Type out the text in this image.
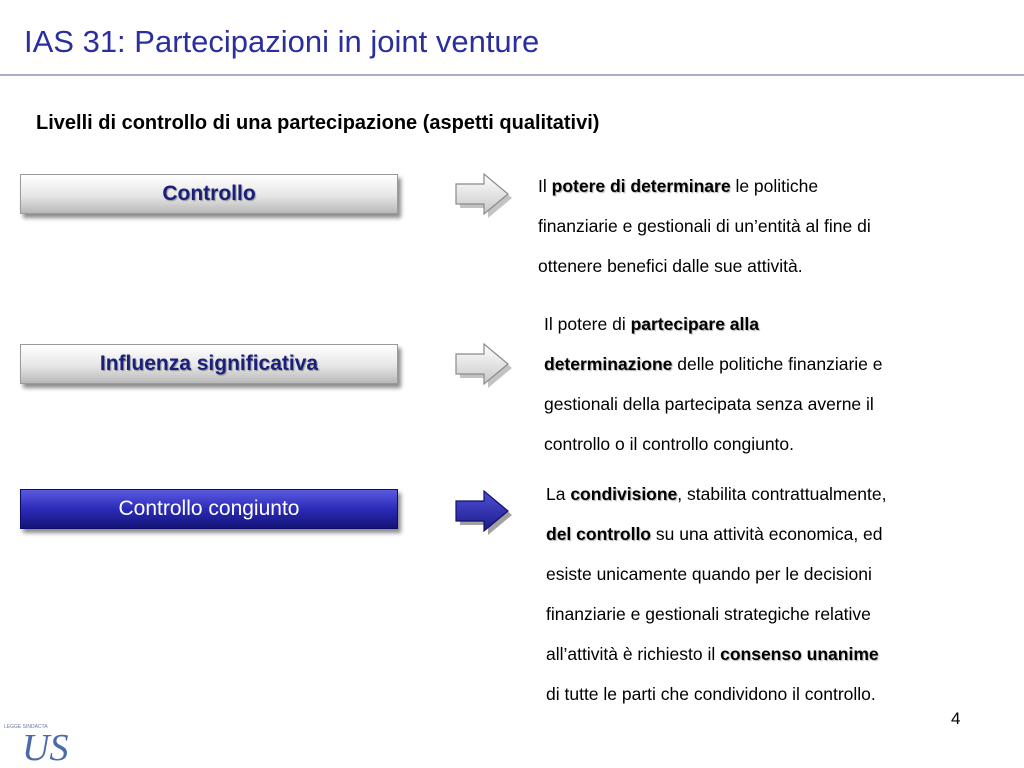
IAS 31: Partecipazioni in joint venture
Livelli di controllo di una partecipazione (aspetti qualitativi)
Controllo	Il potere di determinare le politiche
finanziarie e gestionali di un’entità al fine di
ottenere benefici dalle sue attività.
Influenza significativa
Il potere di partecipare alla
determinazione delle politiche finanziarie e
gestionali della partecipata senza averne il
controllo o il controllo congiunto.
Controllo congiunto
La condivisione, stabilita contrattualmente,
del controllo su una attività economica, ed
esiste unicamente quando per le decisioni
finanziarie e gestionali strategiche relative
all’attività è richiesto il consenso unanime
di tutte le parti che condividono il controllo.
4
LEGGE SINDACTA
US
